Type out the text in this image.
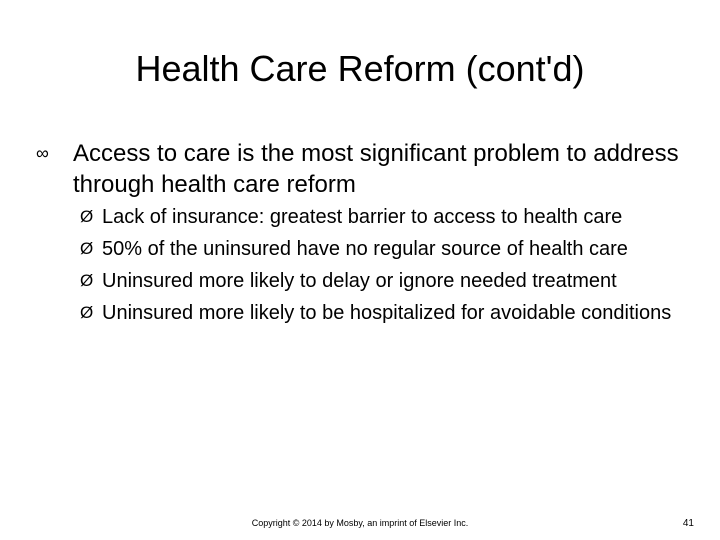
Health Care Reform (cont'd)
∞ Access to care is the most significant problem to address through health care reform
Ø Lack of insurance: greatest barrier to access to health care
Ø 50% of the uninsured have no regular source of health care
Ø Uninsured more likely to delay or ignore needed treatment
Ø Uninsured more likely to be hospitalized for avoidable conditions
Copyright © 2014 by Mosby, an imprint of Elsevier Inc.	41
